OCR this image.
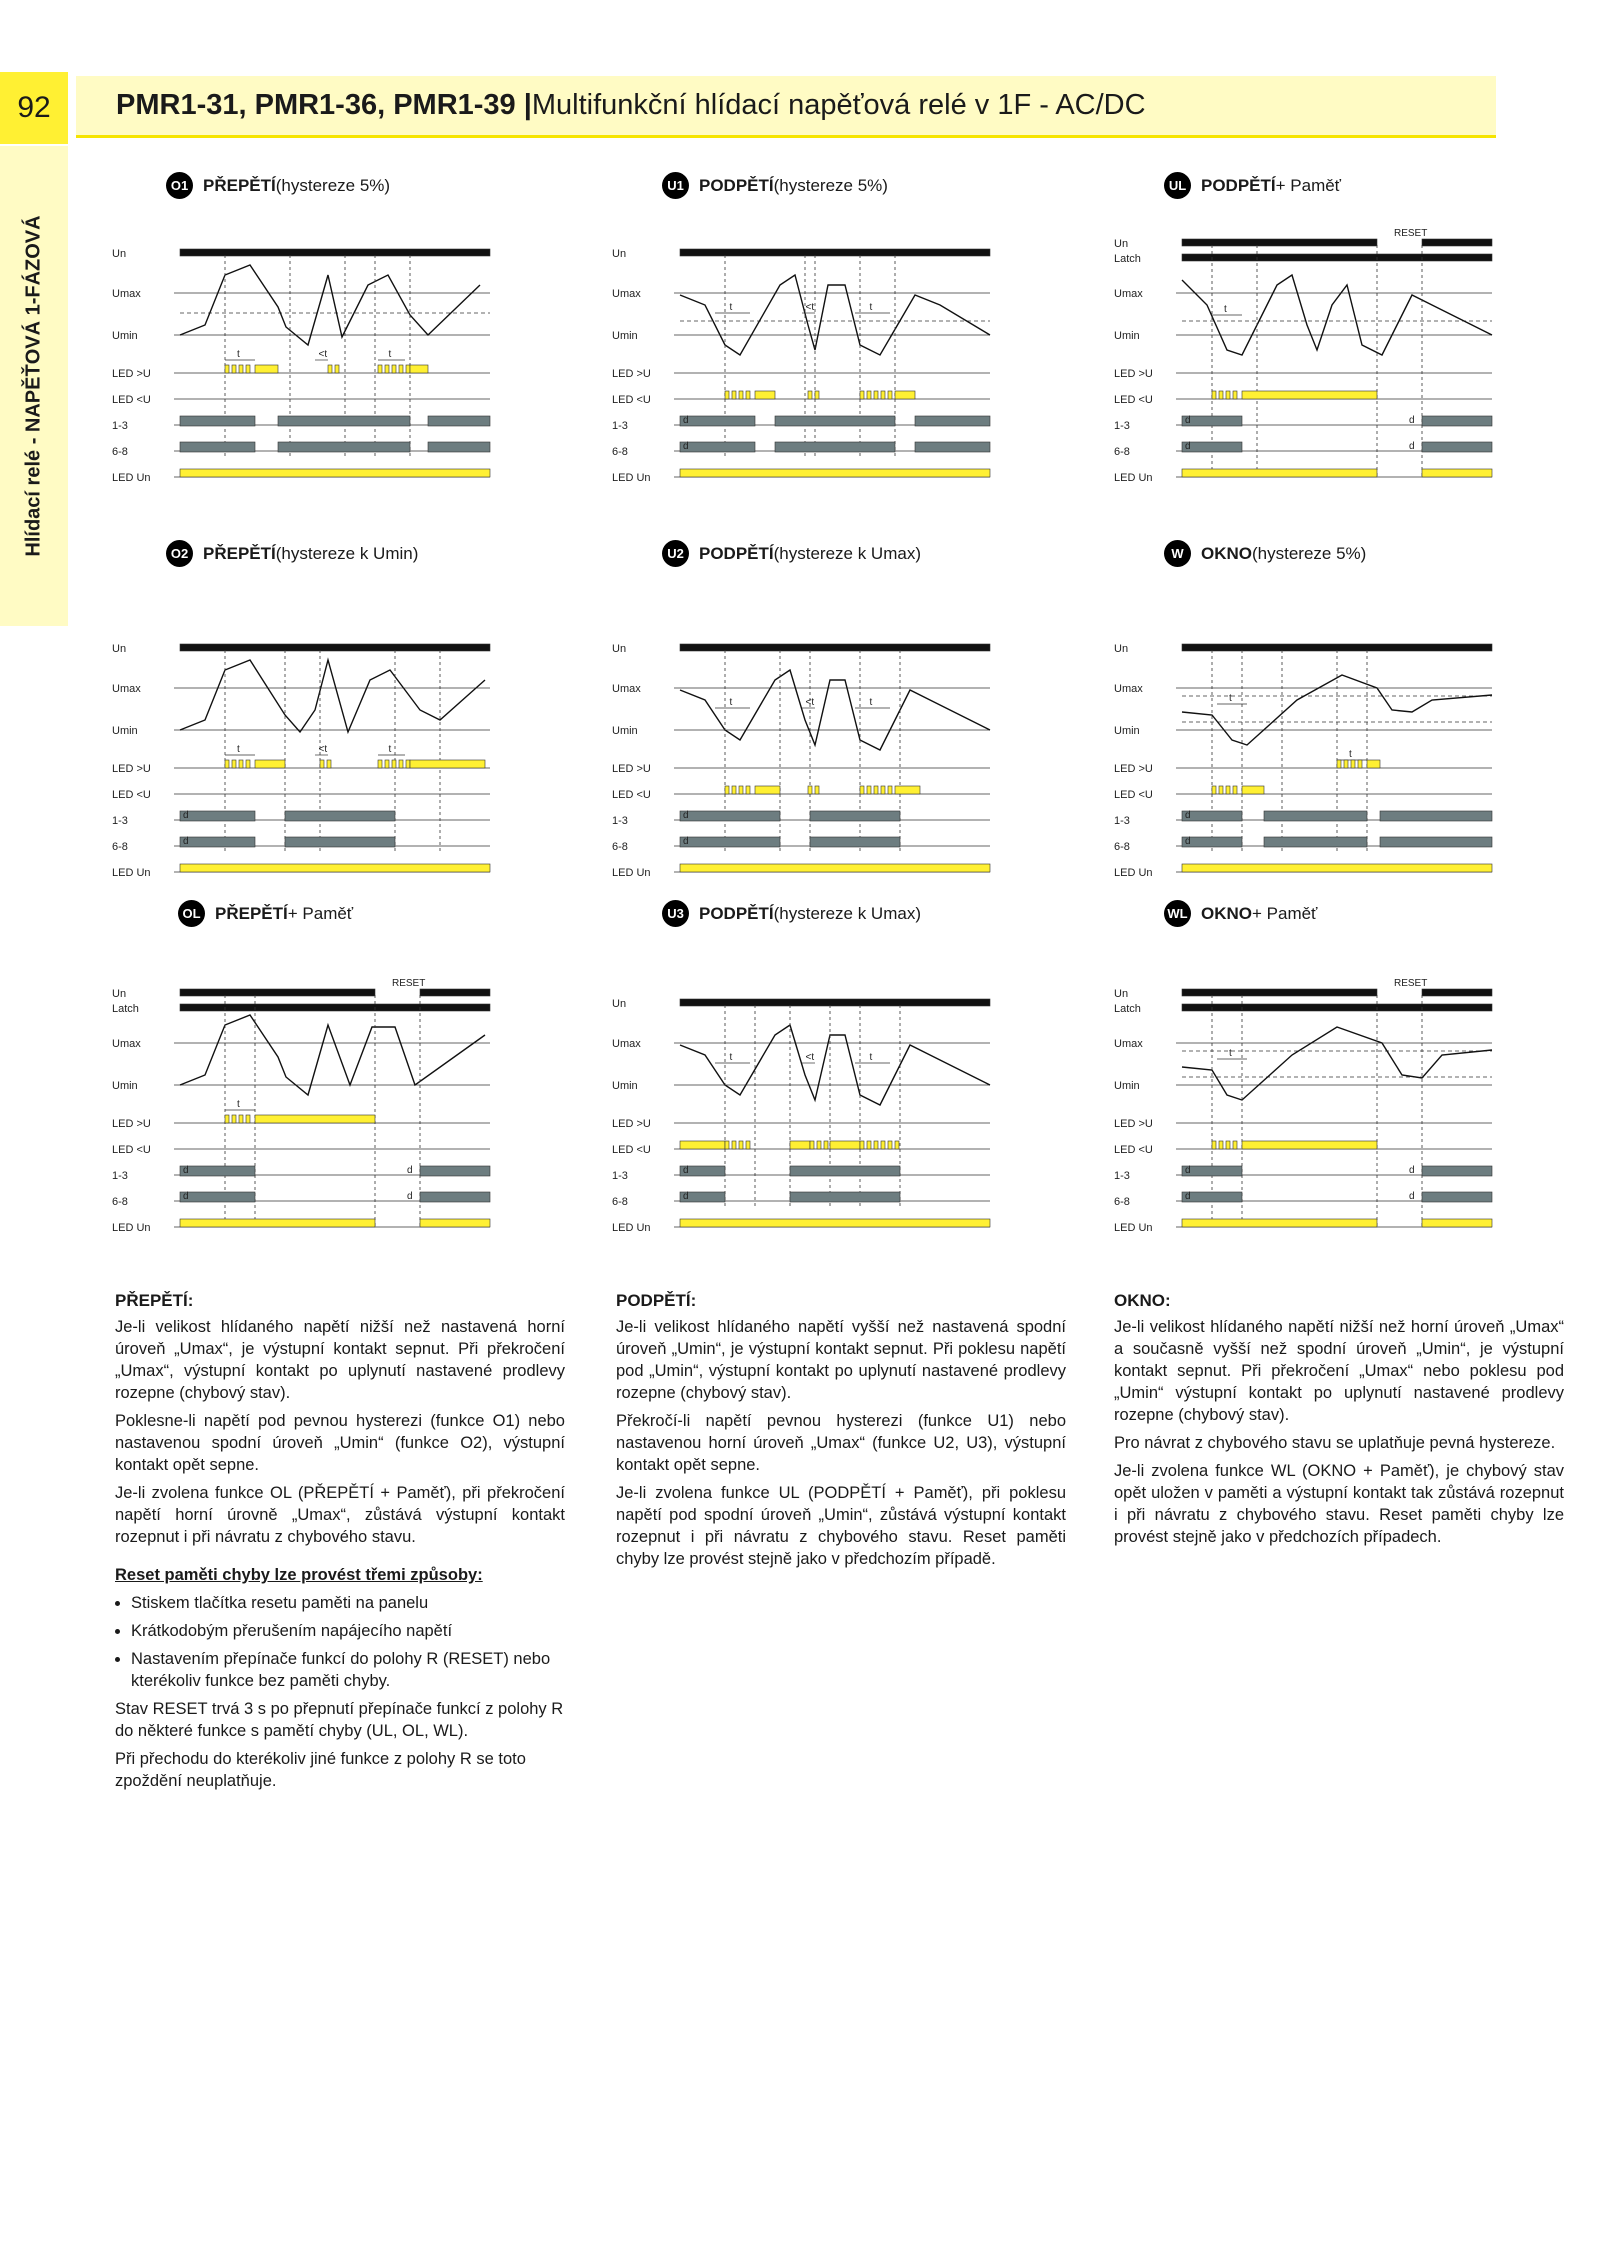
92	PMR1-31, PMR1-36, PMR1-39 | Multifunkční hlídací napěťová relé v 1F - AC/DC
Hlídací relé - NAPĚŤOVÁ 1-FÁZOVÁ
O1 PŘEPĚTÍ (hystereze 5%)	U1 PODPĚTÍ (hystereze 5%)	UL PODPĚTÍ + Paměť
O2 PŘEPĚTÍ (hystereze k Umin)	U2 PODPĚTÍ (hystereze k Umax)	W	OKNO (hystereze 5%)
OL PŘEPĚTÍ + Paměť	U3 PODPĚTÍ (hystereze k Umax)	WL OKNO + Paměť
Un
Umax
Umin
LED >U
LED <U
1-3
6-8
LED Un
t	<t	t
Un
Umax
Umin
LED >U
LED <U
1-3
6-8
LED Un
t	<t	t
d
d
Un
Latch
Umax
Umin
LED >U
LED <U
1-3
6-8
LED Un
RESET
t
d
d
d
d
Un
Umax
Umin
LED >U
LED <U
1-3
6-8
LED Un
t	<t	t
d
d
Un
Umax
Umin
LED >U
LED <U
1-3
6-8
LED Un
t	<t	t
d
d
Un
Umax
Umin
LED >U
LED <U
1-3
6-8
LED Un
t
t
d
d
Un
Latch
Umax
Umin
LED >U
LED <U
1-3
6-8
LED Un
RESET
t
d
d
d
d
Un
Umax
Umin
LED >U
LED <U
1-3
6-8
LED Un
t	<t	t
d
d
Un
Latch
Umax
Umin
LED >U
LED <U
1-3
6-8
LED Un
RESET
t
d
d
d
d
PŘEPĚTÍ:

Je-li velikost hlídaného napětí nižší než nastavená horní úroveň „Umax“, je výstupní kontakt sepnut. Při překročení „Umax“, výstupní kontakt po uplynutí nastavené prodlevy rozepne (chybový stav).

Poklesne-li napětí pod pevnou hysterezi (funkce O1) nebo nastavenou spodní úroveň „Umin“ (funkce O2), výstupní kontakt opět sepne.

Je-li zvolena funkce OL (PŘEPĚTÍ + Paměť), při překročení napětí horní úrovně „Umax“, zůstává výstupní kontakt rozepnut i při návratu z chybového stavu.

Reset paměti chyby lze provést třemi způsoby:

• Stiskem tlačítka resetu paměti na panelu
• Krátkodobým přerušením napájecího napětí
• Nastavením přepínače funkcí do polohy R (RESET) nebo kterékoliv funkce bez paměti chyby.

Stav RESET trvá 3 s po přepnutí přepínače funkcí z polohy R do některé funkce s pamětí chyby (UL, OL, WL).

Při přechodu do kterékoliv jiné funkce z polohy R se toto zpoždění neuplatňuje.

PODPĚTÍ:

Je-li velikost hlídaného napětí vyšší než nastavená spodní úroveň „Umin“, je výstupní kontakt sepnut. Při poklesu napětí pod „Umin“, výstupní kontakt po uplynutí nastavené prodlevy rozepne (chybový stav).

Překročí-li napětí pevnou hysterezi (funkce U1) nebo nastavenou horní úroveň „Umax“ (funkce U2, U3), výstupní kontakt opět sepne.

Je-li zvolena funkce UL (PODPĚTÍ + Paměť), při poklesu napětí pod spodní úroveň „Umin“, zůstává výstupní kontakt rozepnut i při návratu z chybového stavu. Reset paměti chyby lze provést stejně jako v předchozím případě.

OKNO:

Je-li velikost hlídaného napětí nižší než horní úroveň „Umax“ a současně vyšší než spodní úroveň „Umin“, je výstupní kontakt sepnut. Při překročení „Umax“ nebo poklesu pod „Umin“ výstupní kontakt po uplynutí nastavené prodlevy rozepne (chybový stav).

Pro návrat z chybového stavu se uplatňuje pevná hystereze.

Je-li zvolena funkce WL (OKNO + Paměť), je chybový stav opět uložen v paměti a výstupní kontakt tak zůstává rozepnut i při návratu z chybového stavu. Reset paměti chyby lze provést stejně jako v předchozích případech.
